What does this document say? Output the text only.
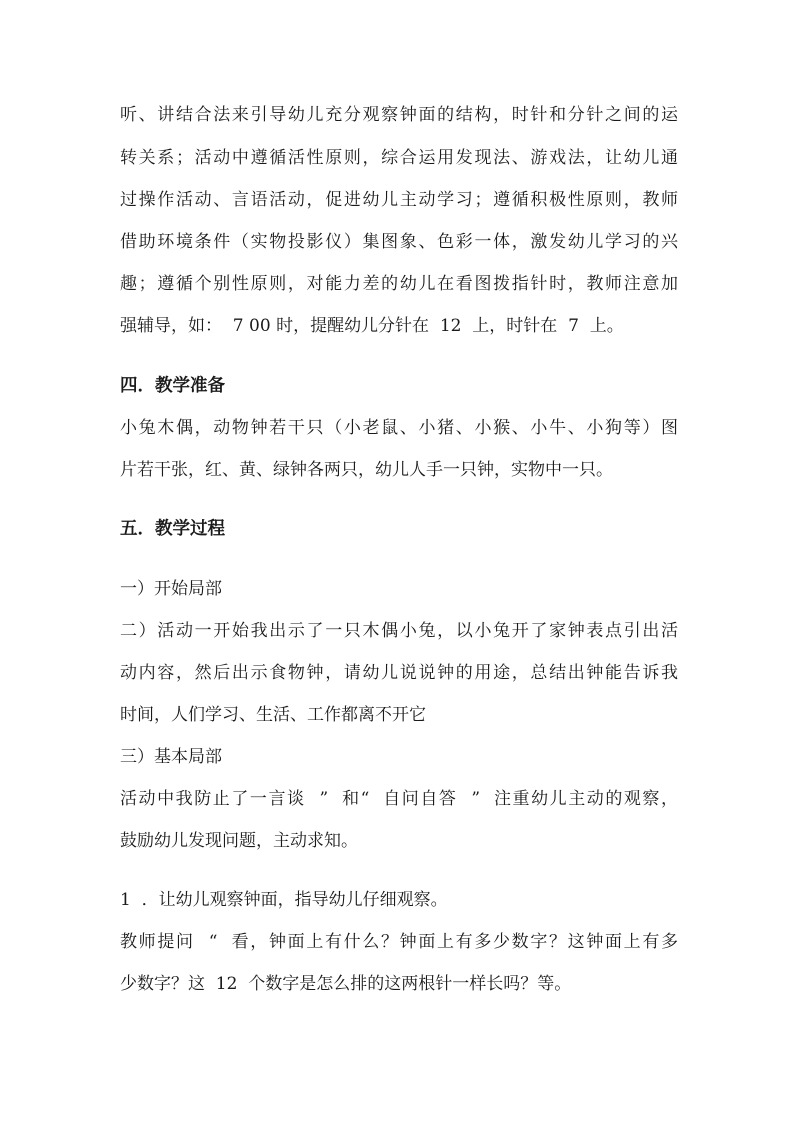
听、讲结合法来引导幼儿充分观察钟面的结构，时针和分针之间的运
转关系；活动中遵循活性原则，综合运用发现法、游戏法，让幼儿通
过操作活动、言语活动，促进幼儿主动学习；遵循积极性原则，教师
借助环境条件（实物投影仪）集图象、色彩一体，激发幼儿学习的兴
趣；遵循个别性原则，对能力差的幼儿在看图拨指针时，教师注意加
强辅导，如：  7 00 时，提醒幼儿分针在  12  上，时针在  7  上。
四．教学准备
小兔木偶，动物钟若干只（小老鼠、小猪、小猴、小牛、小狗等）图
片若干张，红、黄、绿钟各两只，幼儿人手一只钟，实物中一只。
五．教学过程
一）开始局部
二）活动一开始我出示了一只木偶小兔，以小兔开了家钟表点引出活
动内容，然后出示食物钟，请幼儿说说钟的用途，总结出钟能告诉我
时间，人们学习、生活、工作都离不开它
三）基本局部
活动中我防止了一言谈  ”  和“  自问自答  ”  注重幼儿主动的观察，
鼓励幼儿发现问题，主动求知。
1  ．让幼儿观察钟面，指导幼儿仔细观察。
教师提问  “  看，钟面上有什么？钟面上有多少数字？这钟面上有多
少数字？这  12  个数字是怎么排的这两根针一样长吗？等。
